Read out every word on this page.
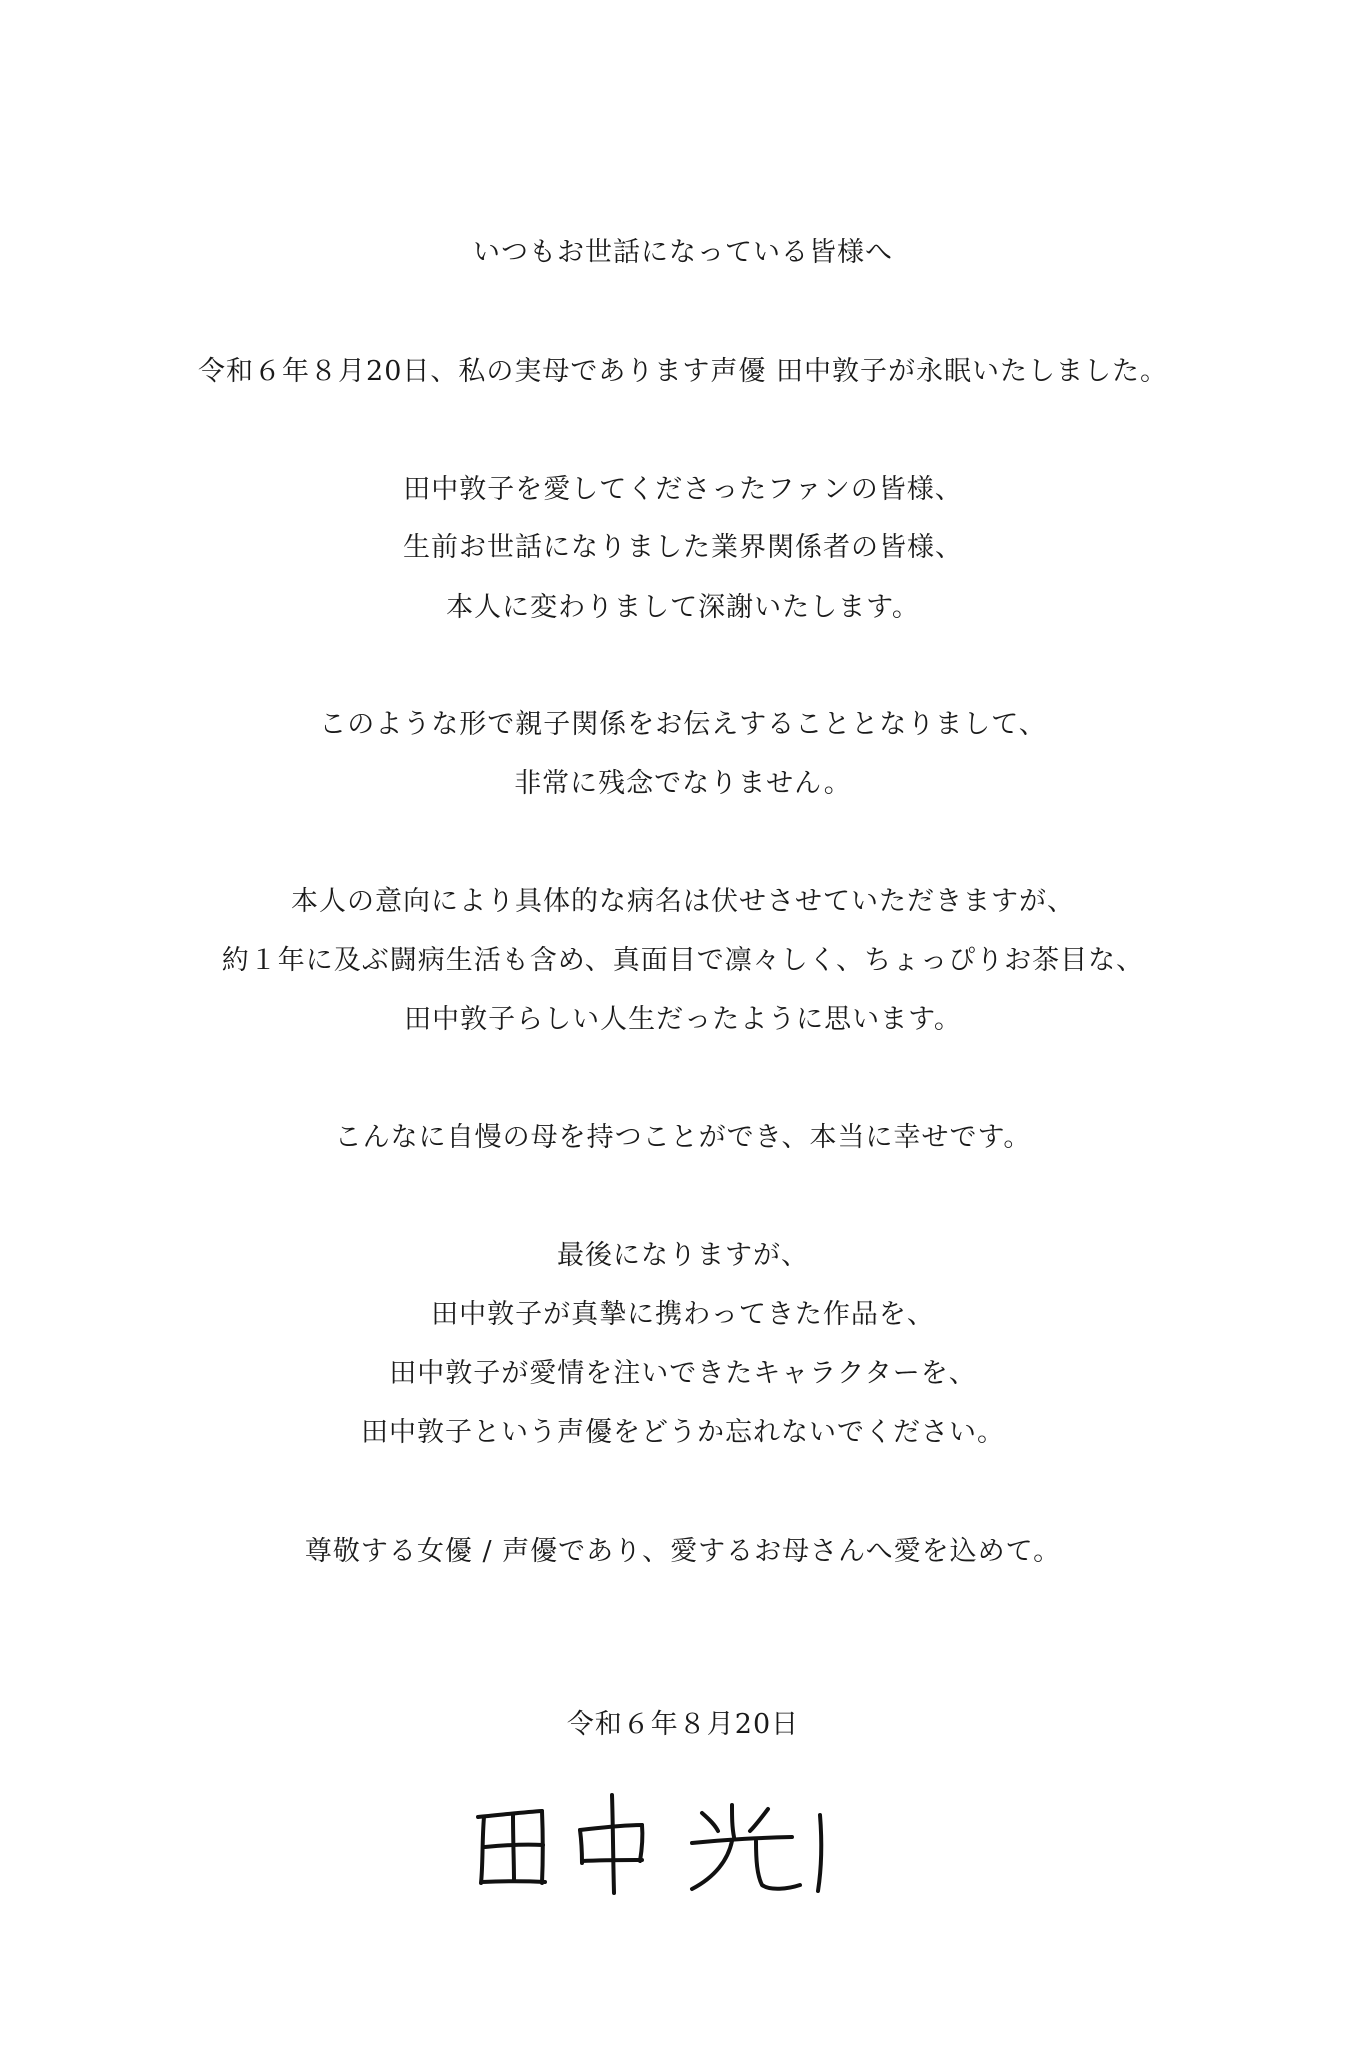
いつもお世話になっている皆様へ
令和６年８月20日、私の実母であります声優 田中敦子が永眠いたしました。
田中敦子を愛してくださったファンの皆様、
生前お世話になりました業界関係者の皆様、
本人に変わりまして深謝いたします。
このような形で親子関係をお伝えすることとなりまして、
非常に残念でなりません。
本人の意向により具体的な病名は伏せさせていただきますが、
約１年に及ぶ闘病生活も含め、真面目で凛々しく、ちょっぴりお茶目な、
田中敦子らしい人生だったように思います。
こんなに自慢の母を持つことができ、本当に幸せです。
最後になりますが、
田中敦子が真摯に携わってきた作品を、
田中敦子が愛情を注いできたキャラクターを、
田中敦子という声優をどうか忘れないでください。
尊敬する女優 / 声優であり、愛するお母さんへ愛を込めて。
令和６年８月20日
